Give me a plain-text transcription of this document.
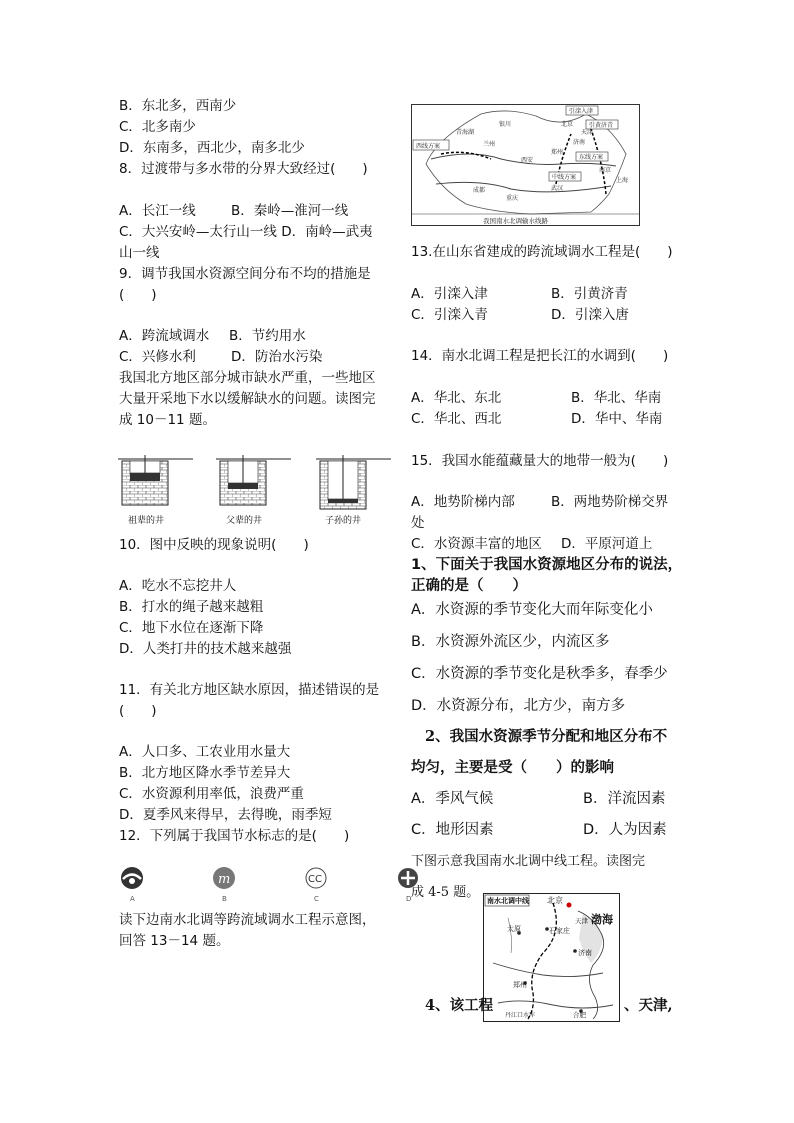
B．东北多，西南少
C．北多南少
D．东南多，西北少，南多北少
8．过渡带与多水带的分界大致经过(　　)
A．长江一线	B．秦岭—淮河一线
C．大兴安岭—太行山一线 D．南岭—武夷
山一线
9．调节我国水资源空间分布不均的措施是
(　　)
A．跨流域调水 B．节约用水
C．兴修水利	D．防治水污染
我国北方地区部分城市缺水严重，一些地区
大量开采地下水以缓解缺水的问题。读图完
成 10－11 题。
祖辈的井	父辈的井	子孙的井
10．图中反映的现象说明(　　)
A．吃水不忘挖井人
B．打水的绳子越来越粗
C．地下水位在逐渐下降
D．人类打井的技术越来越强
11．有关北方地区缺水原因，描述错误的是
(　　)
A．人口多、工农业用水量大
B．北方地区降水季节差异大
C．水资源利用率低，浪费严重
D．夏季风来得早，去得晚，雨季短
12．下列属于我国节水标志的是(　　)
m	CC
A	B	C	D
读下边南水北调等跨流域调水工程示意图，
回答 13－14 题。
引滦入津
引黄济青
西线方案
青海湖
银川
兰州
西安
郑州
济南
天津
北京
上海
南京
武汉
重庆
成都
东线方案
中线方案
我国南水北调输水线路
13.在山东省建成的跨流域调水工程是(　　)
A．引滦入津	B．引黄济青
C．引滦入青	D．引滦入唐
14．南水北调工程是把长江的水调到(　　)
A．华北、东北	B．华北、华南
C．华北、西北	D．华中、华南
15．我国水能蕴藏量大的地带一般为(　　)
A．地势阶梯内部	B．两地势阶梯交界
处
C．水资源丰富的地区 D．平原河道上
1、下面关于我国水资源地区分布的说法，
正确的是（　　）
A．水资源的季节变化大而年际变化小
B．水资源外流区少，内流区多
C．水资源的季节变化是秋季多，春季少
D．水资源分布，北方少，南方多
2、我国水资源季节分配和地区分布不
均匀，主要是受（　　）的影响
A．季风气候	B．洋流因素
C．地形因素	D．人为因素
下图示意我国南水北调中线工程。读图完
成 4-5 题。
南水北调中线 北京
天津
石家庄
太原
渤海
济南
郑州
合肥
丹江口水库
4、该工程	、天津,
